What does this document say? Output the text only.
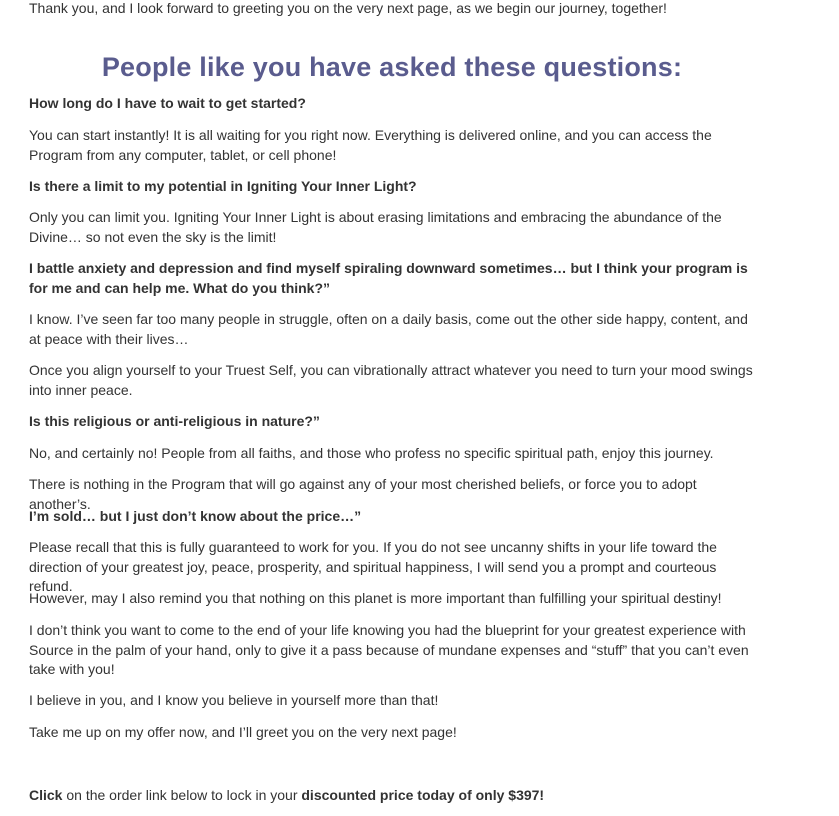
Thank you, and I look forward to greeting you on the very next page, as we begin our journey, together!

People like you have asked these questions:

How long do I have to wait to get started?

You can start instantly! It is all waiting for you right now. Everything is delivered online, and you can access the Program from any computer, tablet, or cell phone!

Is there a limit to my potential in Igniting Your Inner Light?

Only you can limit you. Igniting Your Inner Light is about erasing limitations and embracing the abundance of the Divine… so not even the sky is the limit!

I battle anxiety and depression and find myself spiraling downward sometimes… but I think your program is for me and can help me. What do you think?”

I know. I’ve seen far too many people in struggle, often on a daily basis, come out the other side happy, content, and at peace with their lives…

Once you align yourself to your Truest Self, you can vibrationally attract whatever you need to turn your mood swings into inner peace.

Is this religious or anti-religious in nature?”

No, and certainly no! People from all faiths, and those who profess no specific spiritual path, enjoy this journey.

There is nothing in the Program that will go against any of your most cherished beliefs, or force you to adopt another’s.

I’m sold… but I just don’t know about the price…”

Please recall that this is fully guaranteed to work for you. If you do not see uncanny shifts in your life toward the direction of your greatest joy, peace, prosperity, and spiritual happiness, I will send you a prompt and courteous refund.

However, may I also remind you that nothing on this planet is more important than fulfilling your spiritual destiny!

I don’t think you want to come to the end of your life knowing you had the blueprint for your greatest experience with Source in the palm of your hand, only to give it a pass because of mundane expenses and “stuff” that you can’t even take with you!

I believe in you, and I know you believe in yourself more than that!

Take me up on my offer now, and I’ll greet you on the very next page!

Click on the order link below to lock in your discounted price today of only $397!
